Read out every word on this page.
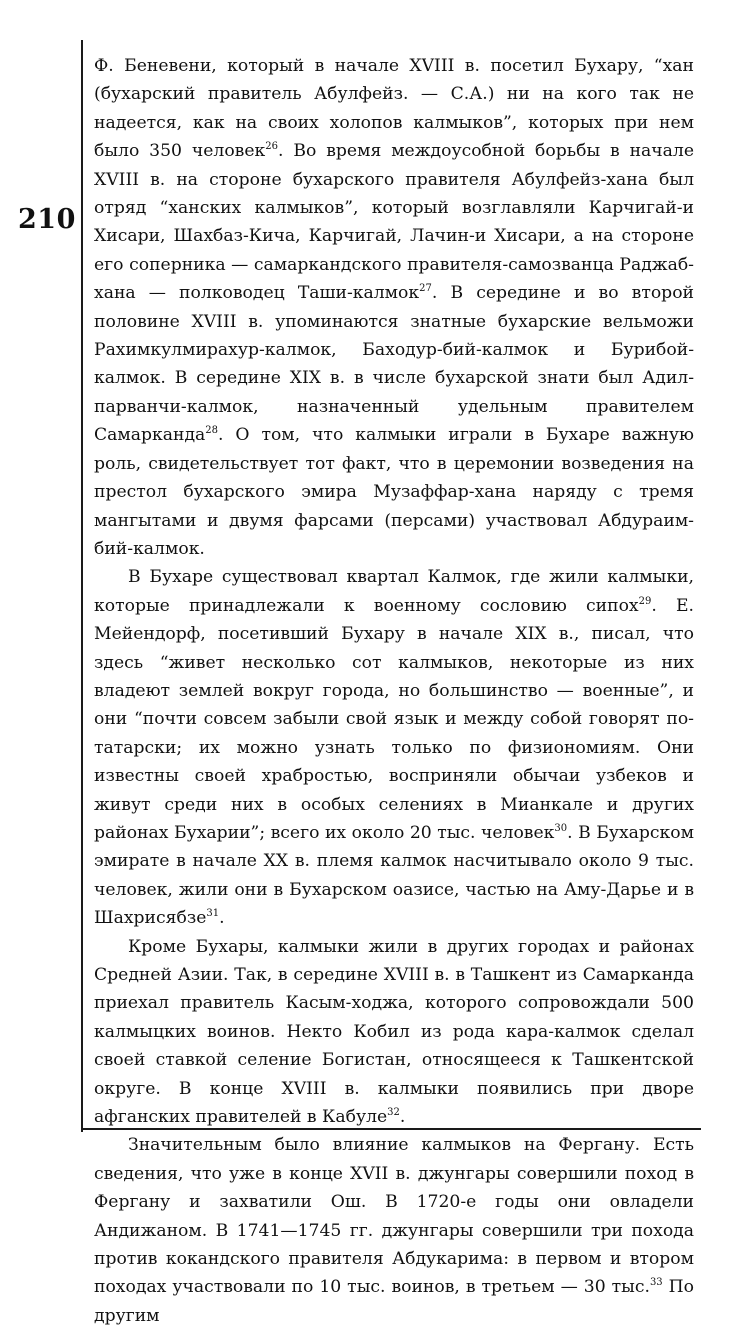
210

Ф. Беневени, который в начале XVIII в. посетил Бухару, “хан (бухарский правитель Абулфейз. — С.А.) ни на кого так не надеется, как на своих холопов калмыков”, которых при нем было 350 человек$^{26}$. Во время междоусобной борьбы в начале XVIII в. на стороне бухарского правителя Абулфейз-хана был отряд “ханских калмыков”, который возглавляли Карчигай-и Хисари, Шахбаз-Кича, Карчигай, Лачин-и Хисари, а на стороне его соперника — самаркандского правителя-самозванца Раджаб-хана — полководец Таши-калмок$^{27}$. В середине и во второй половине XVIII в. упоминаются знатные бухарские вельможи Рахимкулмирахур-калмок, Баходур-бий-калмок и Бурибой-калмок. В середине XIX в. в числе бухарской знати был Адил-парванчи-калмок, назначенный удельным правителем Самарканда$^{28}$. О том, что калмыки играли в Бухаре важную роль, свидетельствует тот факт, что в церемонии возведения на престол бухарского эмира Музаффар-хана наряду с тремя мангытами и двумя фарсами (персами) участвовал Абдураим-бий-калмок.

В Бухаре существовал квартал Калмок, где жили калмыки, которые принадлежали к военному сословию сипох$^{29}$. Е. Мейендорф, посетивший Бухару в начале XIX в., писал, что здесь “живет несколько сот калмыков, некоторые из них владеют землей вокруг города, но большинство — военные”, и они “почти совсем забыли свой язык и между собой говорят по-татарски; их можно узнать только по физиономиям. Они известны своей храбростью, восприняли обычаи узбеков и живут среди них в особых селениях в Мианкале и других районах Бухарии”; всего их около 20 тыс. человек$^{30}$. В Бухарском эмирате в начале XX в. племя калмок насчитывало около 9 тыс. человек, жили они в Бухарском оазисе, частью на Аму-Дарье и в Шахрисябзе$^{31}$.

Кроме Бухары, калмыки жили в других городах и районах Средней Азии. Так, в середине XVIII в. в Ташкент из Самарканда приехал правитель Касым-ходжа, которого сопровождали 500 калмыцких воинов. Некто Кобил из рода кара-калмок сделал своей ставкой селение Богистан, относящееся к Ташкентской округе. В конце XVIII в. калмыки появились при дворе афганских правителей в Кабуле$^{32}$.

Значительным было влияние калмыков на Фергану. Есть сведения, что уже в конце XVII в. джунгары совершили поход в Фергану и захватили Ош. В 1720-е годы они овладели Андижаном. В 1741—1745 гг. джунгары совершили три похода против кокандского правителя Абдукарима: в первом и втором походах участвовали по 10 тыс. воинов, в третьем — 30 тыс.$^{33}$ По другим
